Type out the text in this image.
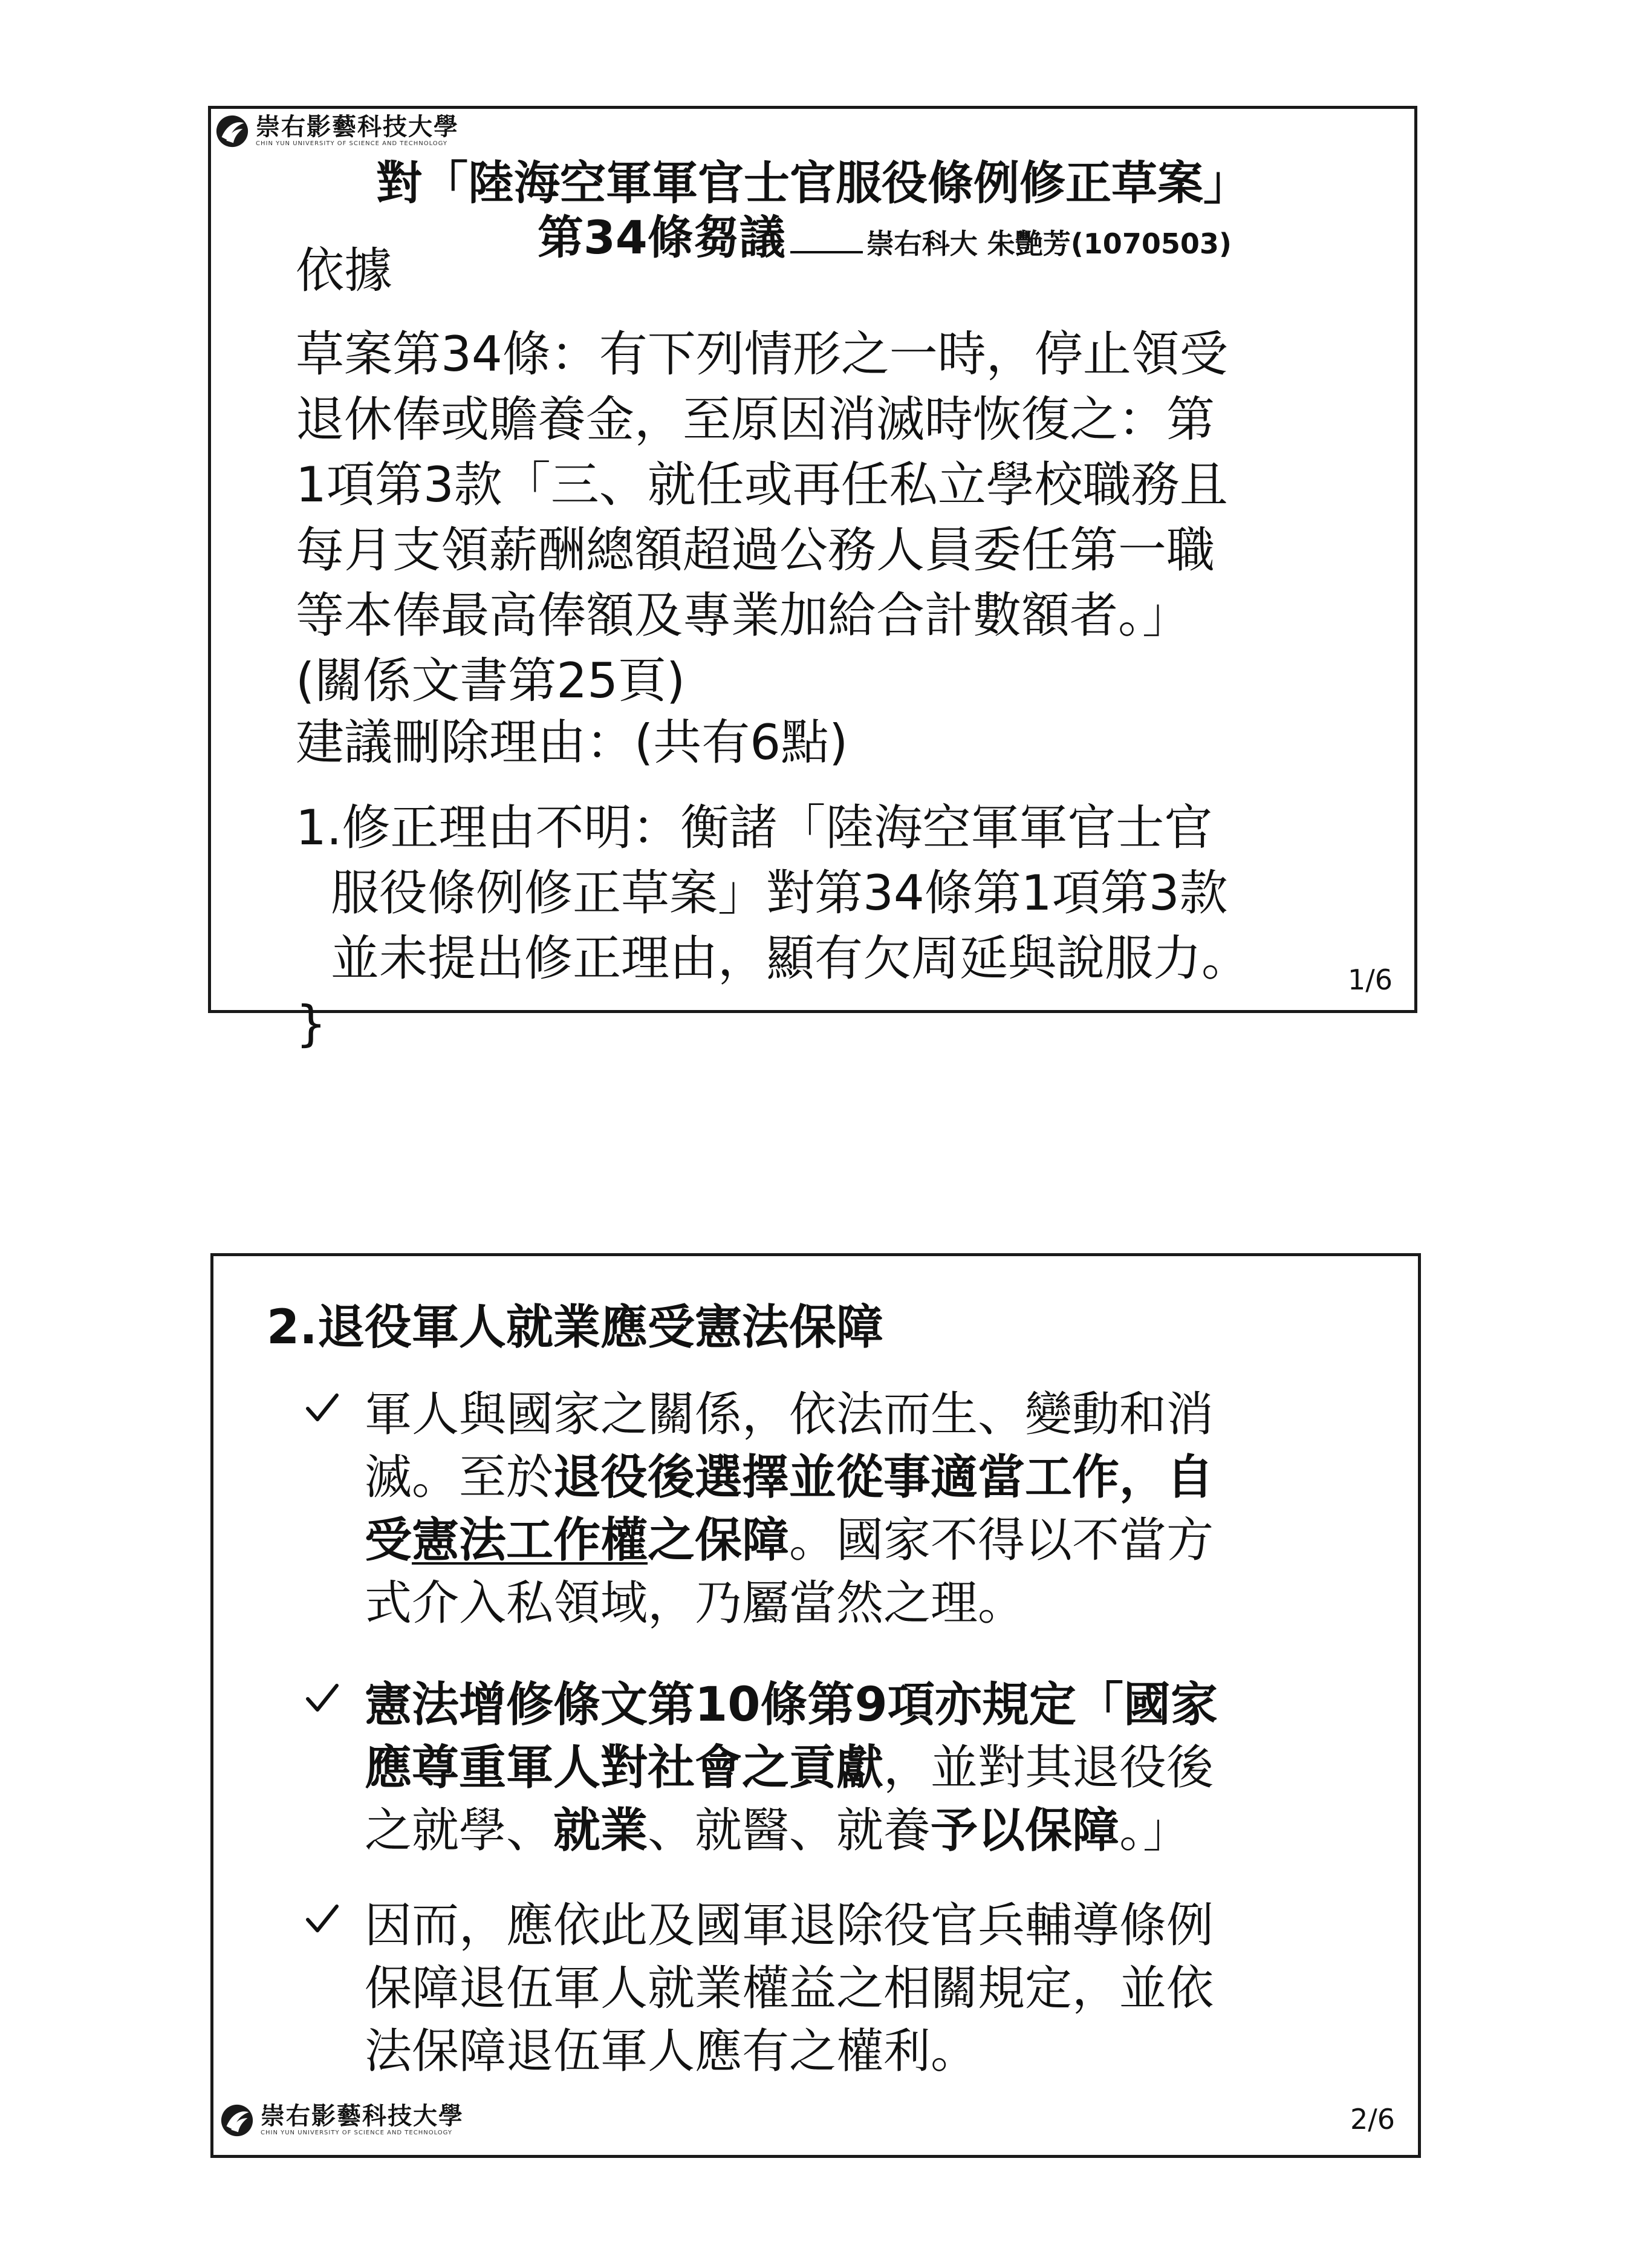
崇右影藝科技大學
CHIN YUN UNIVERSITY OF SCIENCE AND TECHNOLOGY
對「陸海空軍軍官士官服役條例修正草案」
第34條芻議	崇右科大 朱艷芳(1070503)
依據
草案第34條：有下列情形之一時，停止領受
退休俸或贍養金，至原因消滅時恢復之：第
1項第3款「三、就任或再任私立學校職務且
每月支領薪酬總額超過公務人員委任第一職
等本俸最高俸額及專業加給合計數額者。」
(關係文書第25頁)
建議刪除理由：(共有6點)
1.修正理由不明：衡諸「陸海空軍軍官士官
服役條例修正草案」對第34條第1項第3款
並未提出修正理由，顯有欠周延與說服力。
}
1/6
2.退役軍人就業應受憲法保障
軍人與國家之關係，依法而生、變動和消
滅。至於退役後選擇並從事適當工作，自
受憲法工作權之保障。國家不得以不當方
式介入私領域，乃屬當然之理。
憲法增修條文第10條第9項亦規定「國家
應尊重軍人對社會之貢獻，並對其退役後
之就學、就業、就醫、就養予以保障。」
因而，應依此及國軍退除役官兵輔導條例
保障退伍軍人就業權益之相關規定，並依
法保障退伍軍人應有之權利。
崇右影藝科技大學
CHIN YUN UNIVERSITY OF SCIENCE AND TECHNOLOGY	2/6
